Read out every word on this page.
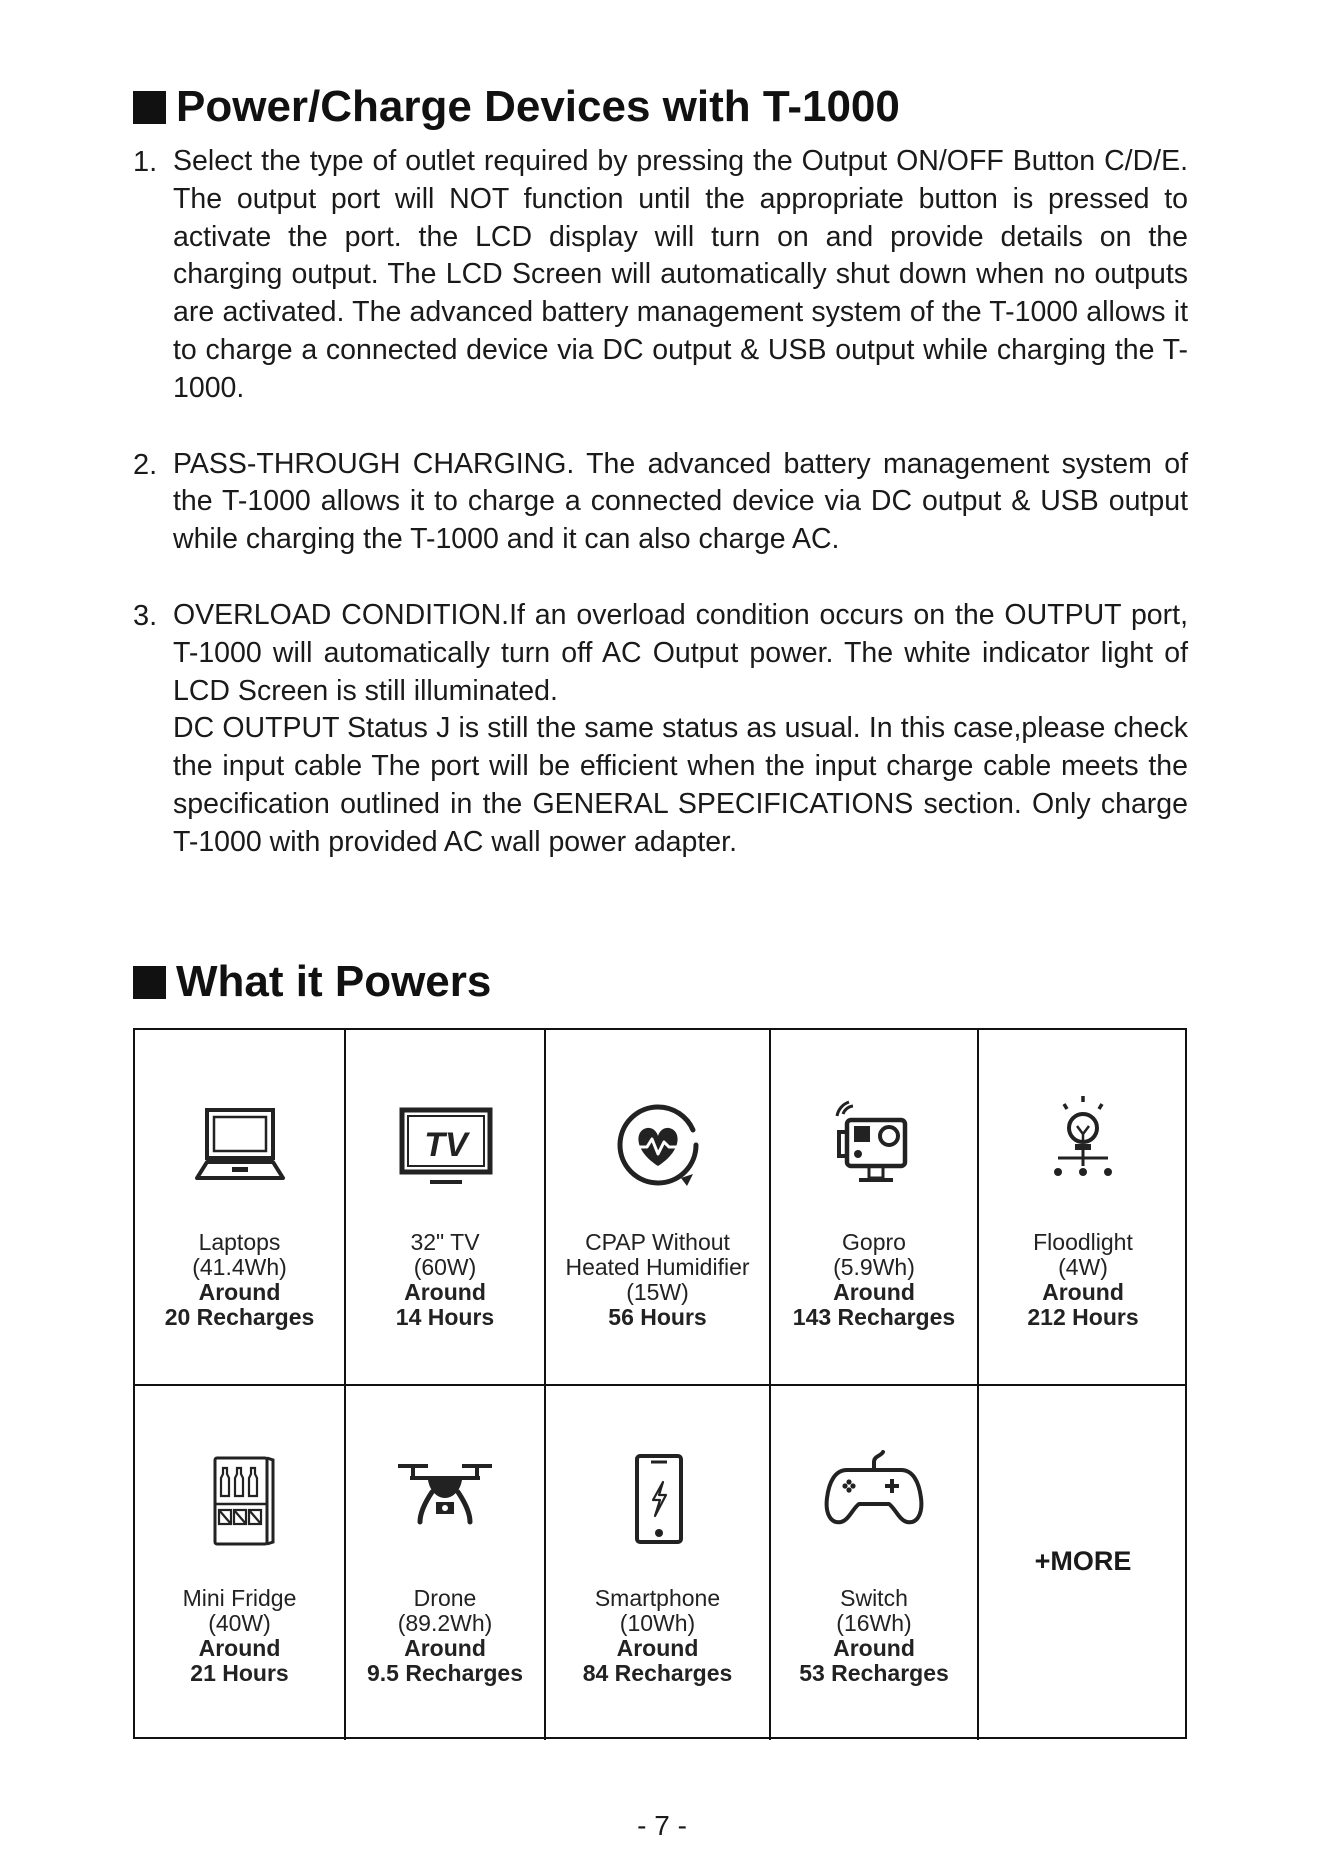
Power/Charge Devices with T-1000
1. Select the type of outlet required by pressing the Output ON/OFF Button C/D/E. The output port will NOT function until the appropriate button is pressed to activate the port. the LCD display will turn on and provide details on the charging output. The LCD Screen will automatically shut down when no outputs are activated. The advanced battery management system of the T-1000 allows it to charge a connected device via DC output & USB output while charging the T-1000.

2. PASS-THROUGH CHARGING. The advanced battery management system of the T-1000 allows it to charge a connected device via DC output & USB output while charging the T-1000 and it can also charge AC.

3. OVERLOAD CONDITION.If an overload condition occurs on the OUTPUT port, T-1000 will automatically turn off AC Output power. The white indicator light of LCD Screen is still illuminated.

DC OUTPUT Status J is still the same status as usual. In this case,please check the input cable The port will be efficient when the input charge cable meets the specification outlined in the GENERAL SPECIFICATIONS section. Only charge T-1000 with provided AC wall power adapter.

What it Powers
Laptops
(41.4Wh)
Around
20 Recharges
TV
32" TV
(60W)
Around
14 Hours
CPAP Without
Heated Humidifier
(15W)
56 Hours
Gopro
(5.9Wh)
Around
143 Recharges
Floodlight
(4W)
Around
212 Hours
Mini Fridge
(40W)
Around
21 Hours
Drone
(89.2Wh)
Around
9.5 Recharges
Smartphone
(10Wh)
Around
84 Recharges
Switch
(16Wh)
Around
53 Recharges
+MORE
- 7 -
